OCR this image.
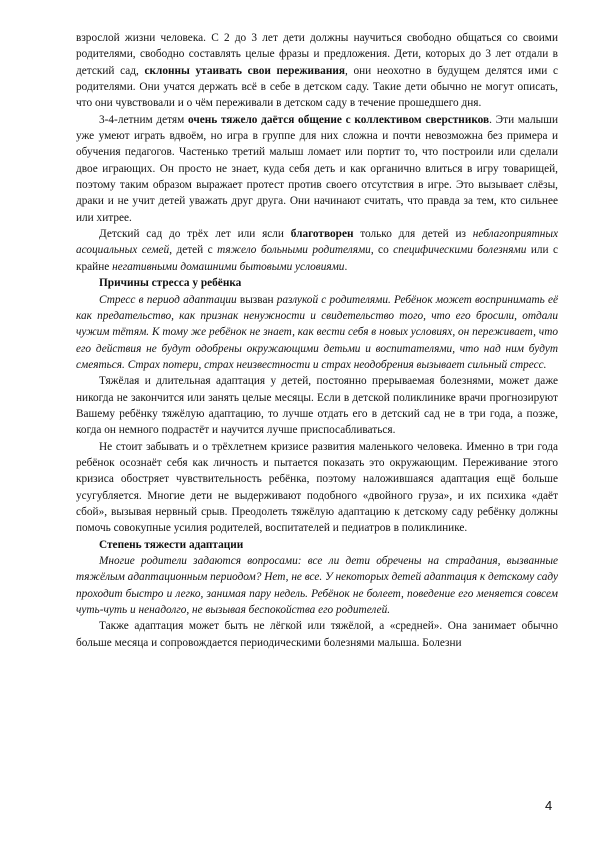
взрослой жизни человека. С 2 до 3 лет дети должны научиться свободно общаться со своими родителями, свободно составлять целые фразы и предложения. Дети, которых до 3 лет отдали в детский сад, склонны утаивать свои переживания, они неохотно в будущем делятся ими с родителями. Они учатся держать всё в себе в детском саду. Такие дети обычно не могут описать, что они чувствовали и о чём переживали в детском саду в течение прошедшего дня.

3-4-летним детям очень тяжело даётся общение с коллективом сверстников. Эти малыши уже умеют играть вдвоём, но игра в группе для них сложна и почти невозможна без примера и обучения педагогов. Частенько третий малыш ломает или портит то, что построили или сделали двое играющих. Он просто не знает, куда себя деть и как органично влиться в игру товарищей, поэтому таким образом выражает протест против своего отсутствия в игре. Это вызывает слёзы, драки и не учит детей уважать друг друга. Они начинают считать, что правда за тем, кто сильнее или хитрее.

Детский сад до трёх лет или ясли благотворен только для детей из неблагоприятных асоциальных семей, детей с тяжело больными родителями, со специфическими болезнями или с крайне негативными домашними бытовыми условиями.

Причины стресса у ребёнка

Стресс в период адаптации вызван разлукой с родителями. Ребёнок может воспринимать её как предательство, как признак ненужности и свидетельство того, что его бросили, отдали чужим тётям. К тому же ребёнок не знает, как вести себя в новых условиях, он переживает, что его действия не будут одобрены окружающими детьми и воспитателями, что над ним будут смеяться. Страх потери, страх неизвестности и страх неодобрения вызывает сильный стресс.

Тяжёлая и длительная адаптация у детей, постоянно прерываемая болезнями, может даже никогда не закончится или занять целые месяцы. Если в детской поликлинике врачи прогнозируют Вашему ребёнку тяжёлую адаптацию, то лучше отдать его в детский сад не в три года, а позже, когда он немного подрастёт и научится лучше приспосабливаться.

Не стоит забывать и о трёхлетнем кризисе развития маленького человека. Именно в три года ребёнок осознаёт себя как личность и пытается показать это окружающим. Переживание этого кризиса обостряет чувствительность ребёнка, поэтому наложившаяся адаптация ещё больше усугубляется. Многие дети не выдерживают подобного «двойного груза», и их психика «даёт сбой», вызывая нервный срыв. Преодолеть тяжёлую адаптацию к детскому саду ребёнку должны помочь совокупные усилия родителей, воспитателей и педиатров в поликлинике.

Степень тяжести адаптации

Многие родители задаются вопросами: все ли дети обречены на страдания, вызванные тяжёлым адаптационным периодом? Нет, не все. У некоторых детей адаптация к детскому саду проходит быстро и легко, занимая пару недель. Ребёнок не болеет, поведение его меняется совсем чуть-чуть и ненадолго, не вызывая беспокойства его родителей.

Также адаптация может быть не лёгкой или тяжёлой, а «средней». Она занимает обычно больше месяца и сопровождается периодическими болезнями малыша. Болезни

4
